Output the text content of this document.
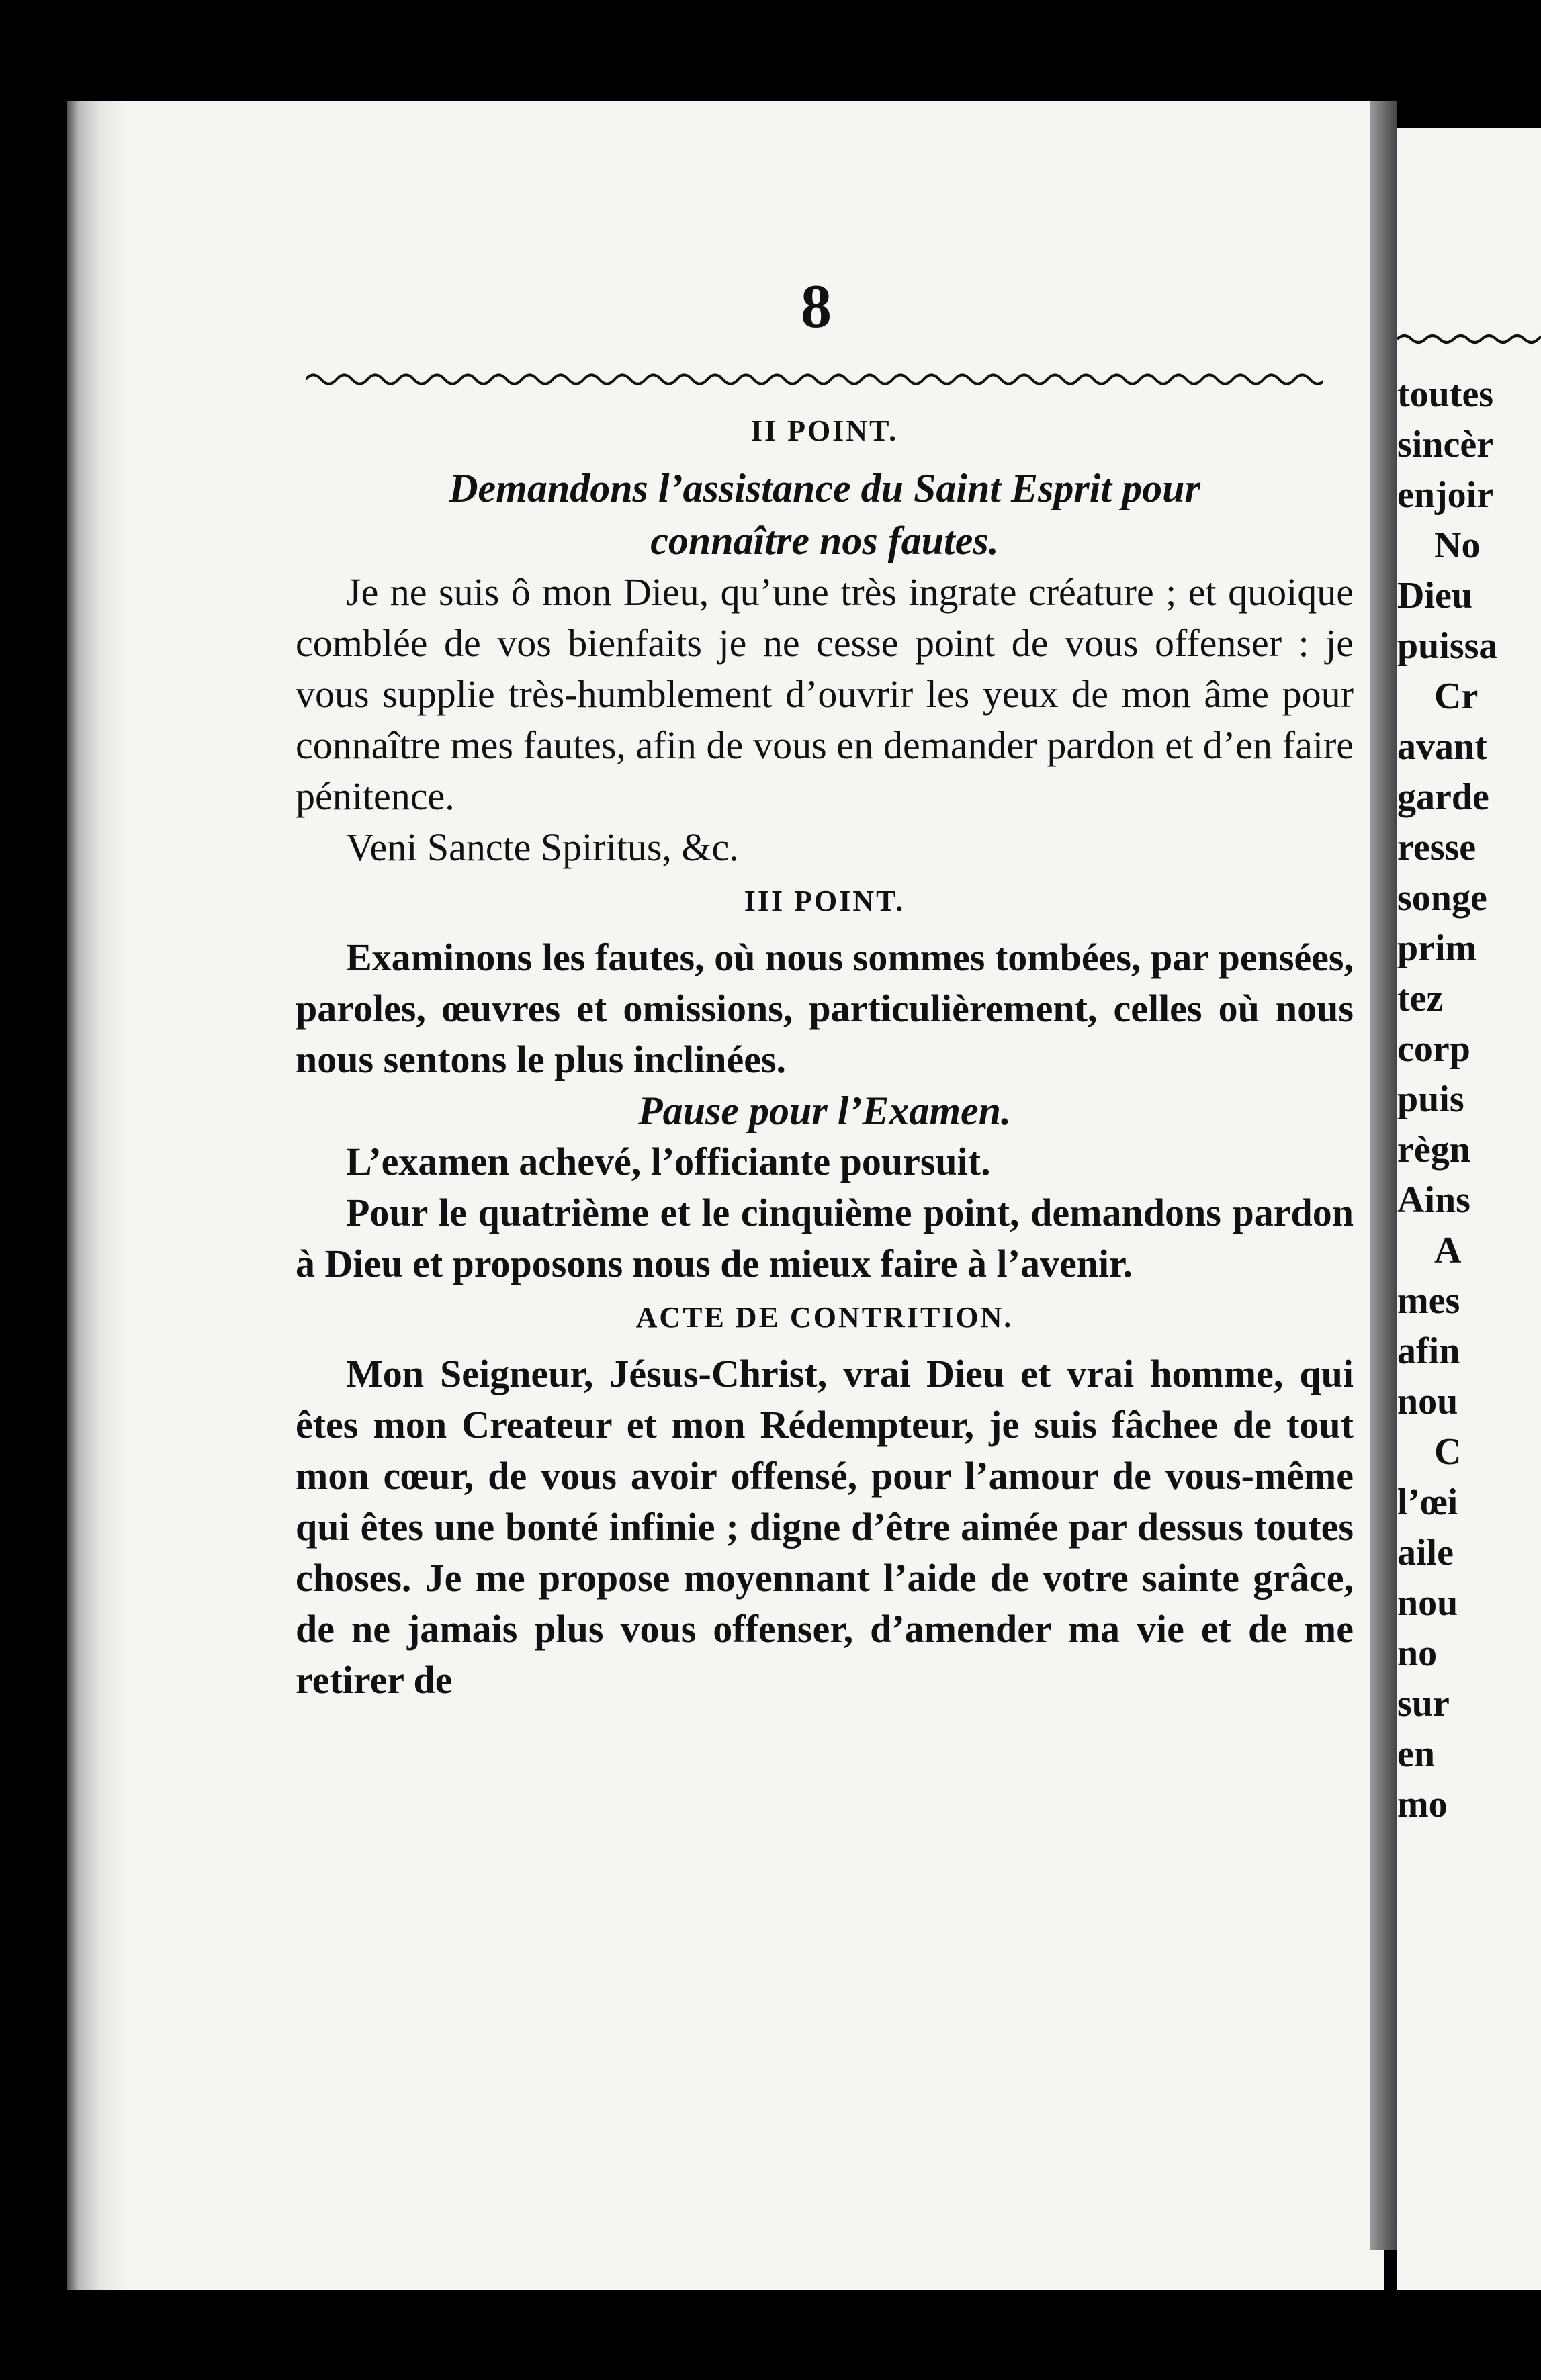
8
II POINT.

Demandons l’assistance du Saint Esprit pour

connaître nos fautes.

Je ne suis ô mon Dieu, qu’une très ingrate créature ; et quoique comblée de vos bienfaits je ne cesse point de vous offenser : je vous supplie très-humblement d’ouvrir les yeux de mon âme pour connaître mes fautes, afin de vous en demander pardon et d’en faire pénitence.

Veni Sancte Spiritus, &c.

III POINT.

Examinons les fautes, où nous sommes tombées, par pensées, paroles, œuvres et omissions, particulièrement, celles où nous nous sentons le plus inclinées.

Pause pour l’Examen.

L’examen achevé, l’officiante poursuit.

Pour le quatrième et le cinquième point, demandons pardon à Dieu et proposons nous de mieux faire à l’avenir.

ACTE DE CONTRITION.

Mon Seigneur, Jésus-Christ, vrai Dieu et vrai homme, qui êtes mon Createur et mon Rédempteur, je suis fâchee de tout mon cœur, de vous avoir offensé, pour l’amour de vous-même qui êtes une bonté infinie ; digne d’être aimée par dessus toutes choses. Je me propose moyennant l’aide de votre sainte grâce, de ne jamais plus vous offenser, d’amender ma vie et de me retirer de

toutes
sincèr
enjoir
No
Dieu
puissa
Cr
avant
garde
resse
songe
prim
tez
corp
puis
règn
Ains
A
mes
afin
nou
C
l’œi
aile
nou
no
sur
en
mo
